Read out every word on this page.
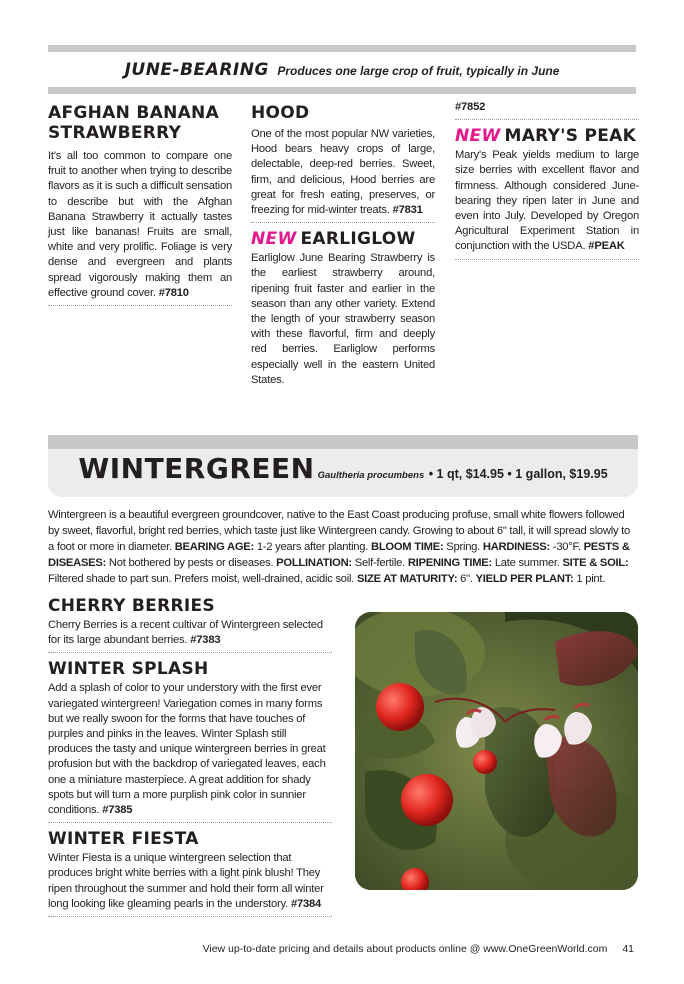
JUNE-BEARING Produces one large crop of fruit, typically in June
AFGHAN BANANA STRAWBERRY

It's all too common to compare one fruit to another when trying to describe flavors as it is such a difficult sensation to describe but with the Afghan Banana Strawberry it actually tastes just like bananas! Fruits are small, white and very prolific. Foliage is very dense and evergreen and plants spread vigorously making them an effective ground cover. #7810

HOOD

One of the most popular NW varieties, Hood bears heavy crops of large, delectable, deep-red berries. Sweet, firm, and delicious, Hood berries are great for fresh eating, preserves, or freezing for mid-winter treats. #7831

NEW EARLIGLOW

Earliglow June Bearing Strawberry is the earliest strawberry around, ripening fruit faster and earlier in the season than any other variety. Extend the length of your strawberry season with these flavorful, firm and deeply red berries. Earliglow performs especially well in the eastern United States.

#7852

NEW MARY'S PEAK

Mary's Peak yields medium to large size berries with excellent flavor and firmness. Although considered June-bearing they ripen later in June and even into July. Developed by Oregon Agricultural Experiment Station in conjunction with the USDA. #PEAK

WINTERGREEN Gaultheria procumbens • 1 qt, $14.95 • 1 gallon, $19.95

Wintergreen is a beautiful evergreen groundcover, native to the East Coast producing profuse, small white flowers followed by sweet, flavorful, bright red berries, which taste just like Wintergreen candy. Growing to about 6" tall, it will spread slowly to a foot or more in diameter. BEARING AGE: 1-2 years after planting. BLOOM TIME: Spring. HARDINESS: -30°F. PESTS & DISEASES: Not bothered by pests or diseases. POLLINATION: Self-fertile. RIPENING TIME: Late summer. SITE & SOIL: Filtered shade to part sun. Prefers moist, well-drained, acidic soil. SIZE AT MATURITY: 6". YIELD PER PLANT: 1 pint.

CHERRY BERRIES

Cherry Berries is a recent cultivar of Wintergreen selected for its large abundant berries. #7383

WINTER SPLASH

Add a splash of color to your understory with the first ever variegated wintergreen! Variegation comes in many forms but we really swoon for the forms that have touches of purples and pinks in the leaves. Winter Splash still produces the tasty and unique wintergreen berries in great profusion but with the backdrop of variegated leaves, each one a miniature masterpiece. A great addition for shady spots but will turn a more purplish pink color in sunnier conditions. #7385

WINTER FIESTA

Winter Fiesta is a unique wintergreen selection that produces bright white berries with a light pink blush! They ripen throughout the summer and hold their form all winter long looking like gleaming pearls in the understory. #7384

View up-to-date pricing and details about products online @ www.OneGreenWorld.com 41
